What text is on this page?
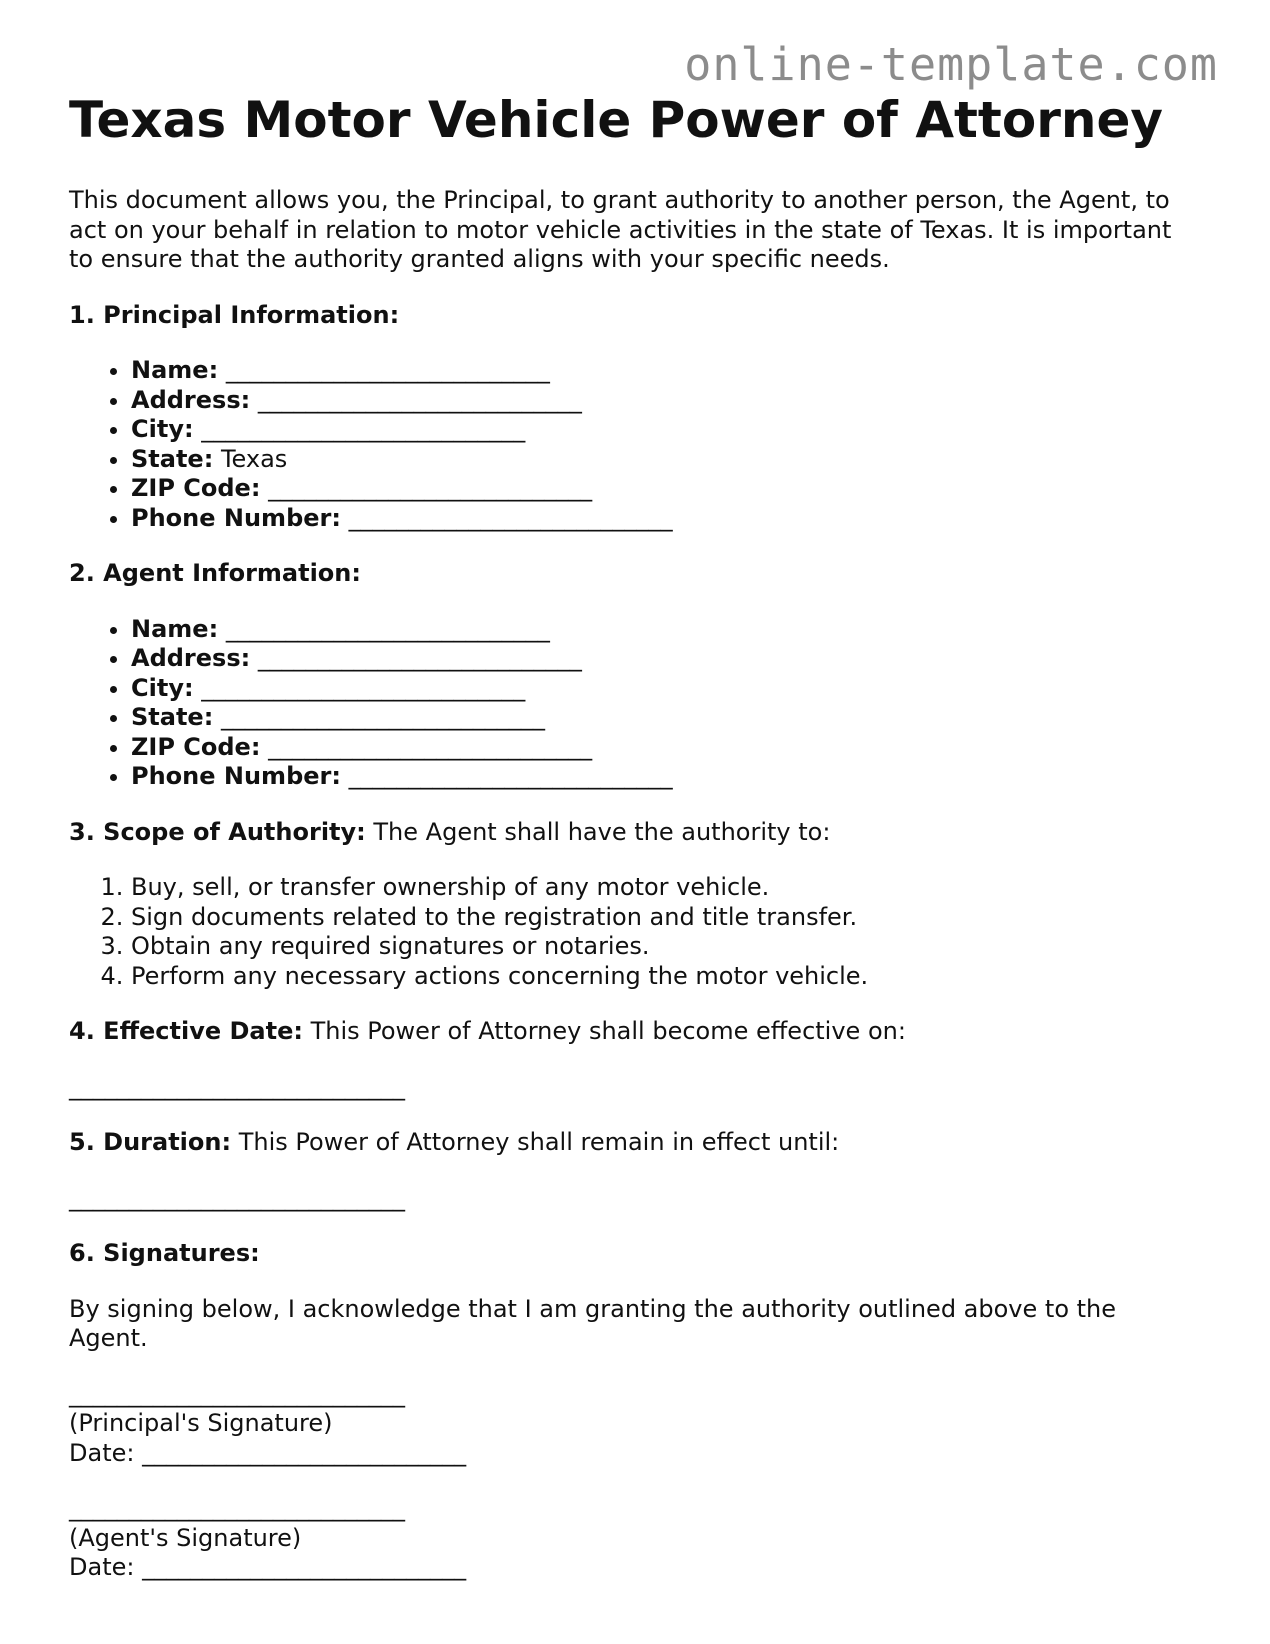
online-template.com
Texas Motor Vehicle Power of Attorney

This document allows you, the Principal, to grant authority to another person, the Agent, to act on your behalf in relation to motor vehicle activities in the state of Texas. It is important to ensure that the authority granted aligns with your specific needs.

1. Principal Information:

• Name: ___________________________
• Address: ___________________________
• City: ___________________________
• State: Texas
• ZIP Code: ___________________________
• Phone Number: ___________________________

2. Agent Information:

• Name: ___________________________
• Address: ___________________________
• City: ___________________________
• State: ___________________________
• ZIP Code: ___________________________
• Phone Number: ___________________________

3. Scope of Authority: The Agent shall have the authority to:

1. Buy, sell, or transfer ownership of any motor vehicle.
2. Sign documents related to the registration and title transfer.
3. Obtain any required signatures or notaries.
4. Perform any necessary actions concerning the motor vehicle.

4. Effective Date: This Power of Attorney shall become effective on:

____________________________

5. Duration: This Power of Attorney shall remain in effect until:

____________________________

6. Signatures:

By signing below, I acknowledge that I am granting the authority outlined above to the Agent.

____________________________
(Principal's Signature)
Date: ___________________________
____________________________
(Agent's Signature)
Date: ___________________________
